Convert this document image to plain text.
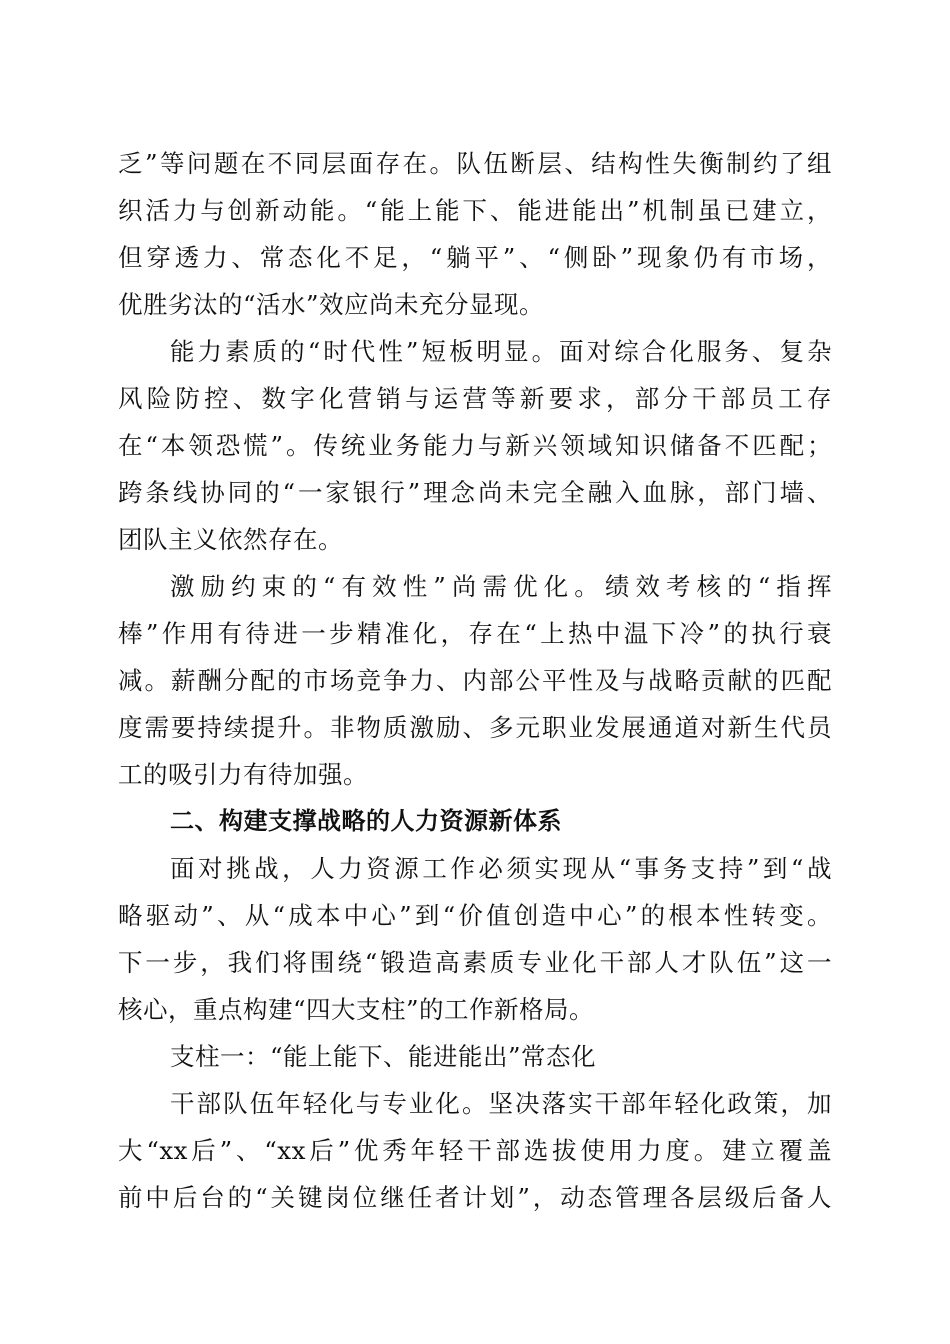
乏”等问题在不同层面存在。队伍断层、结构性失衡制约了组
织活力与创新动能。“能上能下、能进能出”机制虽已建立，
但穿透力、常态化不足，“躺平”、“侧卧”现象仍有市场，
优胜劣汰的“活水”效应尚未充分显现。
能力素质的“时代性”短板明显。面对综合化服务、复杂
风险防控、数字化营销与运营等新要求，部分干部员工存
在“本领恐慌”。传统业务能力与新兴领域知识储备不匹配；
跨条线协同的“一家银行”理念尚未完全融入血脉，部门墙、
团队主义依然存在。
激励约束的“有效性”尚需优化。绩效考核的“指挥
棒”作用有待进一步精准化，存在“上热中温下冷”的执行衰
减。薪酬分配的市场竞争力、内部公平性及与战略贡献的匹配
度需要持续提升。非物质激励、多元职业发展通道对新生代员
工的吸引力有待加强。
二、构建支撑战略的人力资源新体系
面对挑战，人力资源工作必须实现从“事务支持”到“战
略驱动”、从“成本中心”到“价值创造中心”的根本性转变。
下一步，我们将围绕“锻造高素质专业化干部人才队伍”这一
核心，重点构建“四大支柱”的工作新格局。
支柱一：“能上能下、能进能出”常态化
干部队伍年轻化与专业化。坚决落实干部年轻化政策，加
大“xx后”、“xx后”优秀年轻干部选拔使用力度。建立覆盖
前中后台的“关键岗位继任者计划”，动态管理各层级后备人
